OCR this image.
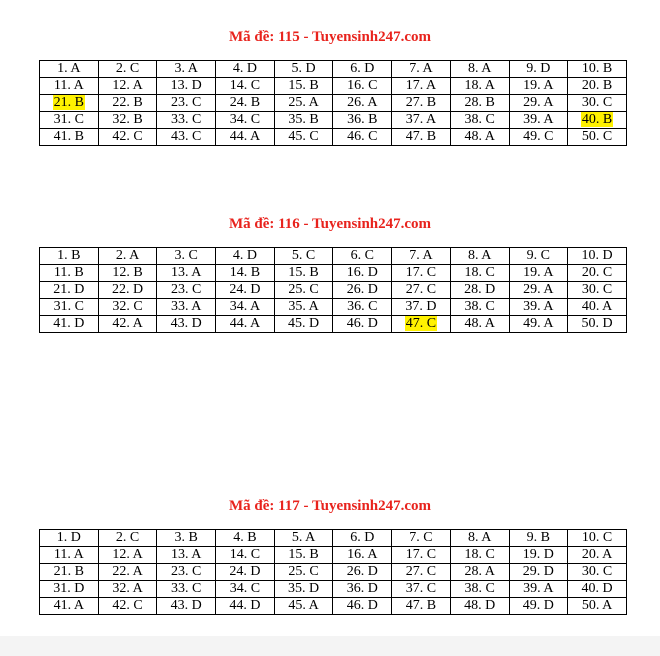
Mã đề: 115 - Tuyensinh247.com
1. A	2. C	3. A	4. D	5. D	6. D	7. A	8. A	9. D	10. B
11. A	12. A	13. D	14. C	15. B	16. C	17. A	18. A	19. A	20. B
21. B	22. B	23. C	24. B	25. A	26. A	27. B	28. B	29. A	30. C
31. C	32. B	33. C	34. C	35. B	36. B	37. A	38. C	39. A	40. B
41. B	42. C	43. C	44. A	45. C	46. C	47. B	48. A	49. C	50. C
Mã đề: 116 - Tuyensinh247.com
1. B	2. A	3. C	4. D	5. C	6. C	7. A	8. A	9. C	10. D
11. B	12. B	13. A	14. B	15. B	16. D	17. C	18. C	19. A	20. C
21. D	22. D	23. C	24. D	25. C	26. D	27. C	28. D	29. A	30. C
31. C	32. C	33. A	34. A	35. A	36. C	37. D	38. C	39. A	40. A
41. D	42. A	43. D	44. A	45. D	46. D	47. C	48. A	49. A	50. D
Mã đề: 117 - Tuyensinh247.com
1. D	2. C	3. B	4. B	5. A	6. D	7. C	8. A	9. B	10. C
11. A	12. A	13. A	14. C	15. B	16. A	17. C	18. C	19. D	20. A
21. B	22. A	23. C	24. D	25. C	26. D	27. C	28. A	29. D	30. C
31. D	32. A	33. C	34. C	35. D	36. D	37. C	38. C	39. A	40. D
41. A	42. C	43. D	44. D	45. A	46. D	47. B	48. D	49. D	50. A
